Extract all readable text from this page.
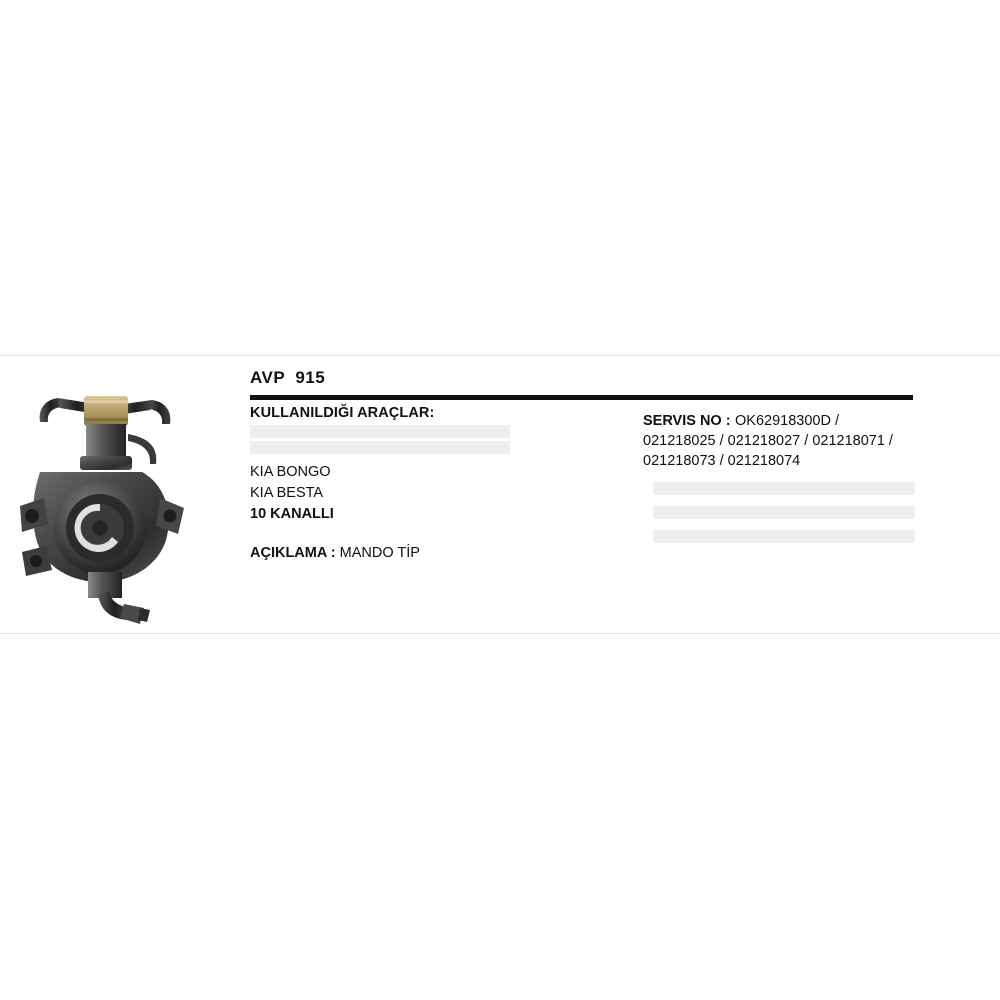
AVP  915
KULLANILDIĞI ARAÇLAR:
KIA BONGO
KIA BESTA
10 KANALLI
AÇIKLAMA : MANDO TİP
SERVIS NO : OK62918300D / 021218025 / 021218027 / 021218071 / 021218073 / 021218074
